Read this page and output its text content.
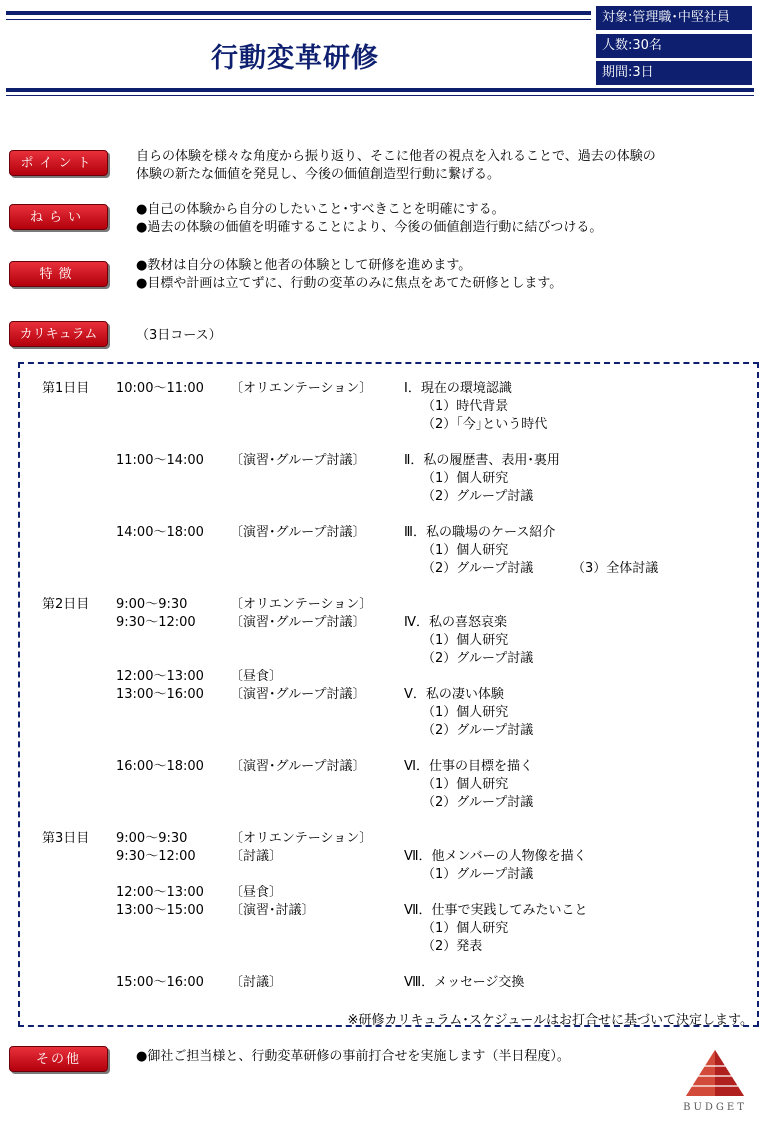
行動変革研修
対象:管理職･中堅社員
人数:30名
期間:3日
ポイント	自らの体験を様々な角度から振り返り、そこに他者の視点を入れることで、過去の体験の
体験の新たな価値を発見し、今後の価値創造型行動に繋げる。
ねらい
●自己の体験から自分のしたいこと･すべきことを明確にする。
●過去の体験の価値を明確することにより、今後の価値創造行動に結びつける。
特徴
●教材は自分の体験と他者の体験として研修を進めます。
●目標や計画は立てずに、行動の変革のみに焦点をあてた研修とします。
カリキュラム	（3日コース）
※研修カリキュラム･スケジュールはお打合せに基づいて決定します。
第1日目 10:00〜11:00 〔オリエンテーション〕 Ⅰ．現在の環境認識
（1）時代背景
（2）｢今｣という時代
11:00〜14:00 〔演習･グループ討議〕	Ⅱ．私の履歴書、表用･裏用
（1）個人研究
（2）グループ討議
14:00〜18:00 〔演習･グループ討議〕	Ⅲ．私の職場のケース紹介
（1）個人研究
（2）グループ討議	（3）全体討議
第2日目 9:00〜9:30	〔オリエンテーション〕
9:30〜12:00	〔演習･グループ討議〕	Ⅳ．私の喜怒哀楽
（1）個人研究
（2）グループ討議
12:00〜13:00 〔昼食〕
13:00〜16:00 〔演習･グループ討議〕	Ⅴ．私の凄い体験
（1）個人研究
（2）グループ討議
16:00〜18:00 〔演習･グループ討議〕	Ⅵ．仕事の目標を描く
（1）個人研究
（2）グループ討議
第3日目 9:00〜9:30	〔オリエンテーション〕
9:30〜12:00	〔討議〕	Ⅶ．他メンバーの人物像を描く
（1）グループ討議
12:00〜13:00 〔昼食〕
13:00〜15:00 〔演習･討議〕	Ⅶ．仕事で実践してみたいこと
（1）個人研究
（2）発表
15:00〜16:00 〔討議〕	Ⅷ．メッセージ交換
その他	●御社ご担当様と、行動変革研修の事前打合せを実施します（半日程度）。
BUDGET
